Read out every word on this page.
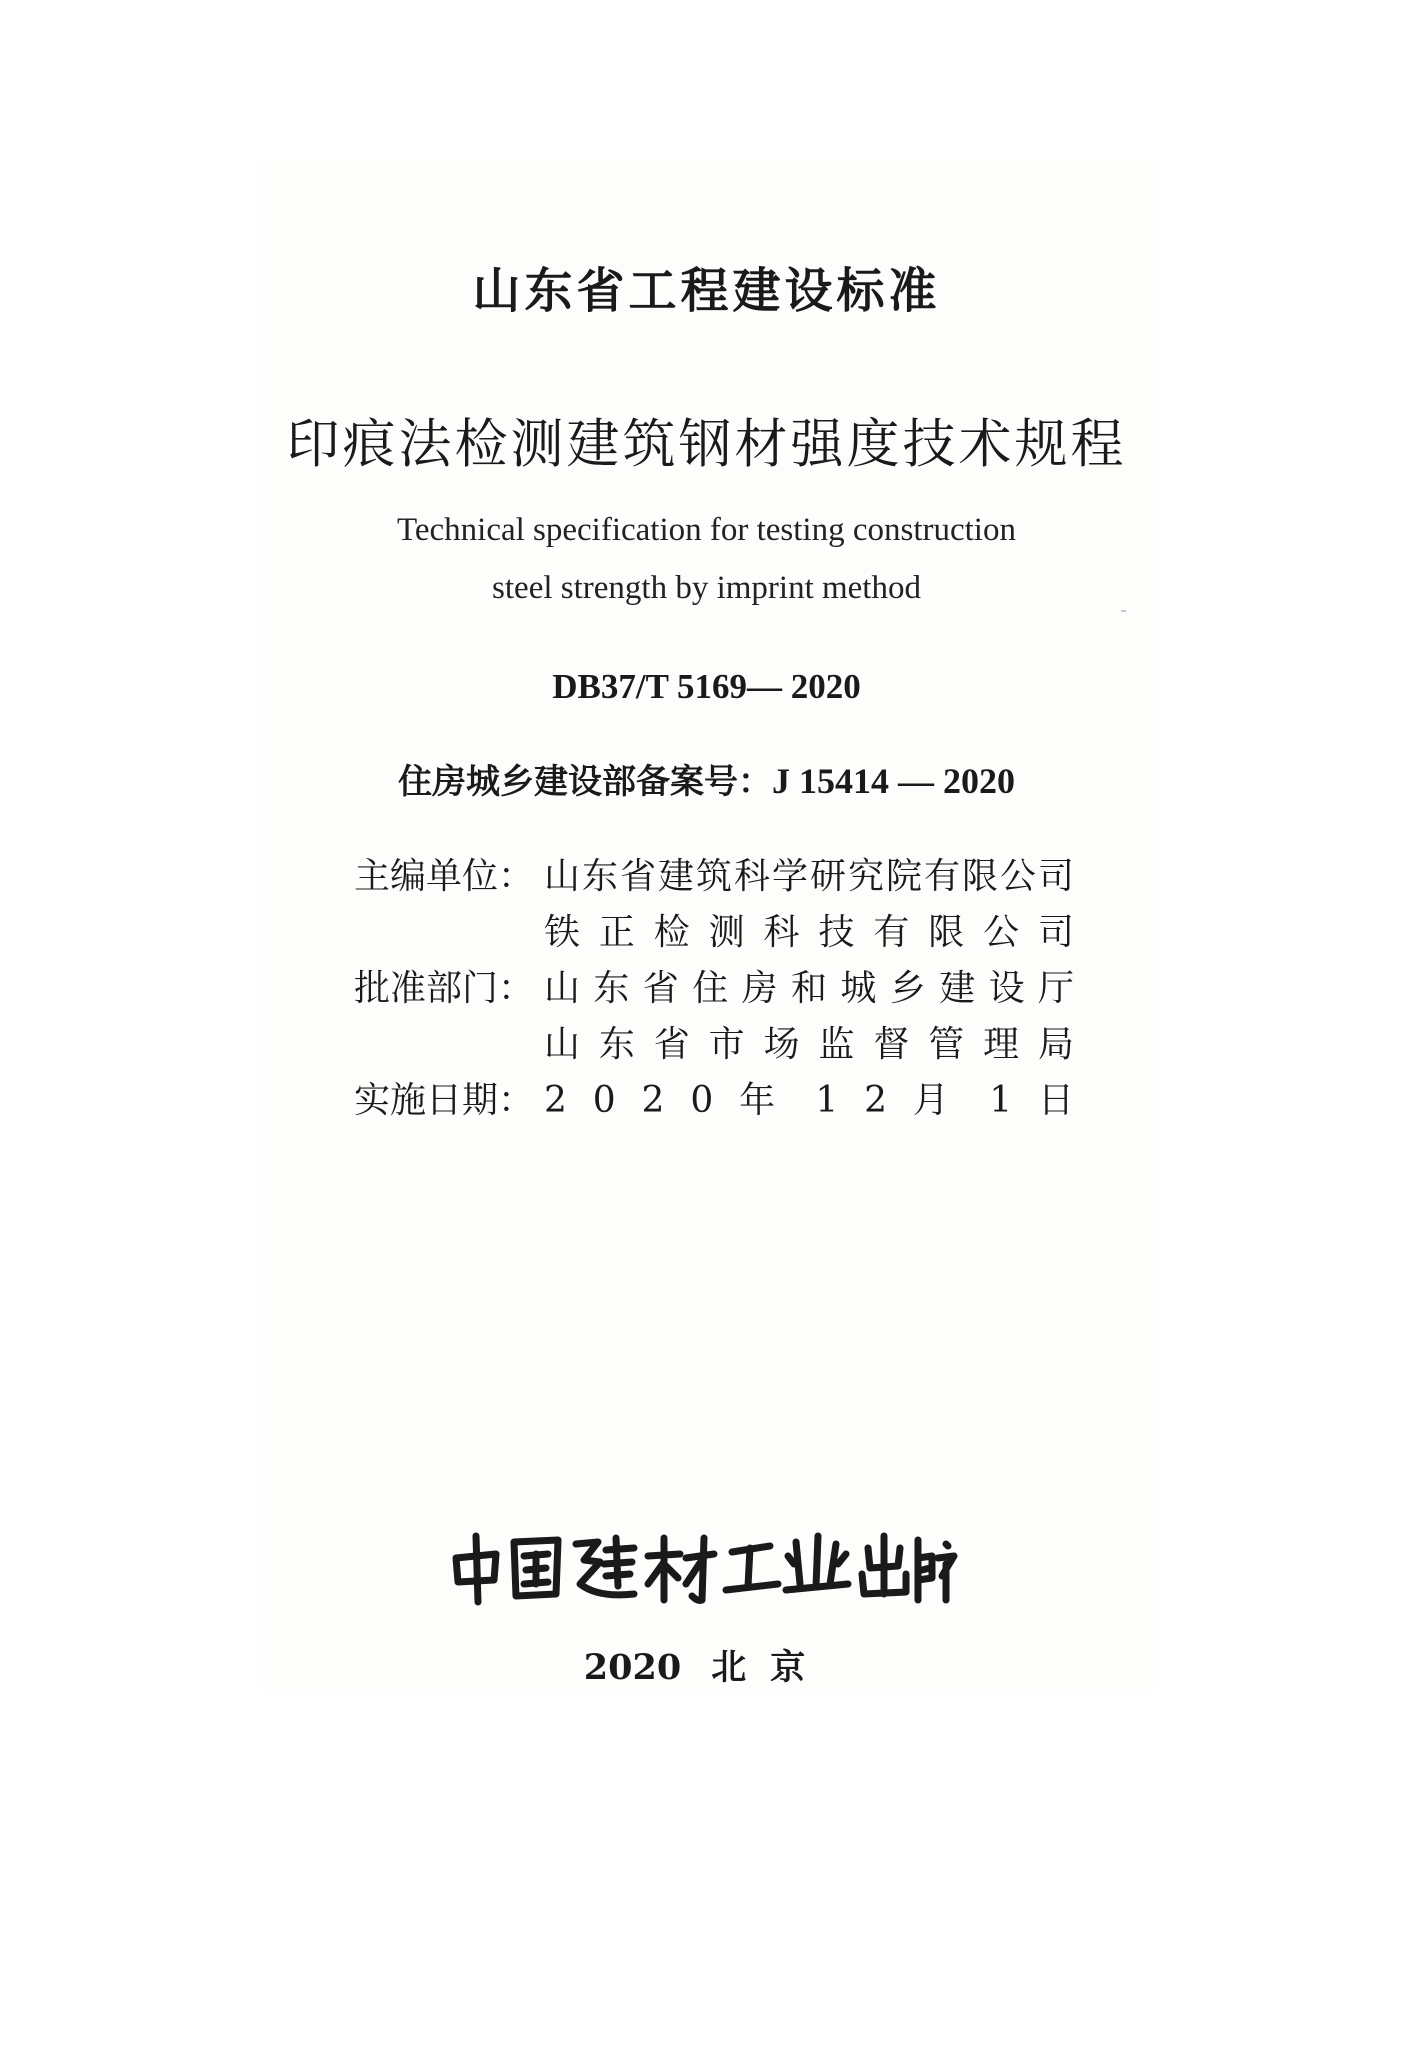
山东省工程建设标准
印痕法检测建筑钢材强度技术规程
Technical specification for testing construction
steel strength by imprint method
DB37/T 5169— 2020
住房城乡建设部备案号：J 15414 — 2020
主编单位： 山东省建筑科学研究院有限公司
铁 正 检 测 科 技 有 限 公 司
批准部门： 山 东 省 住 房 和 城 乡 建 设 厅
山 东 省 市 场 监 督 管 理 局
实施日期： 2 0 2 0 年 1 2 月 1 日
2020 北京
